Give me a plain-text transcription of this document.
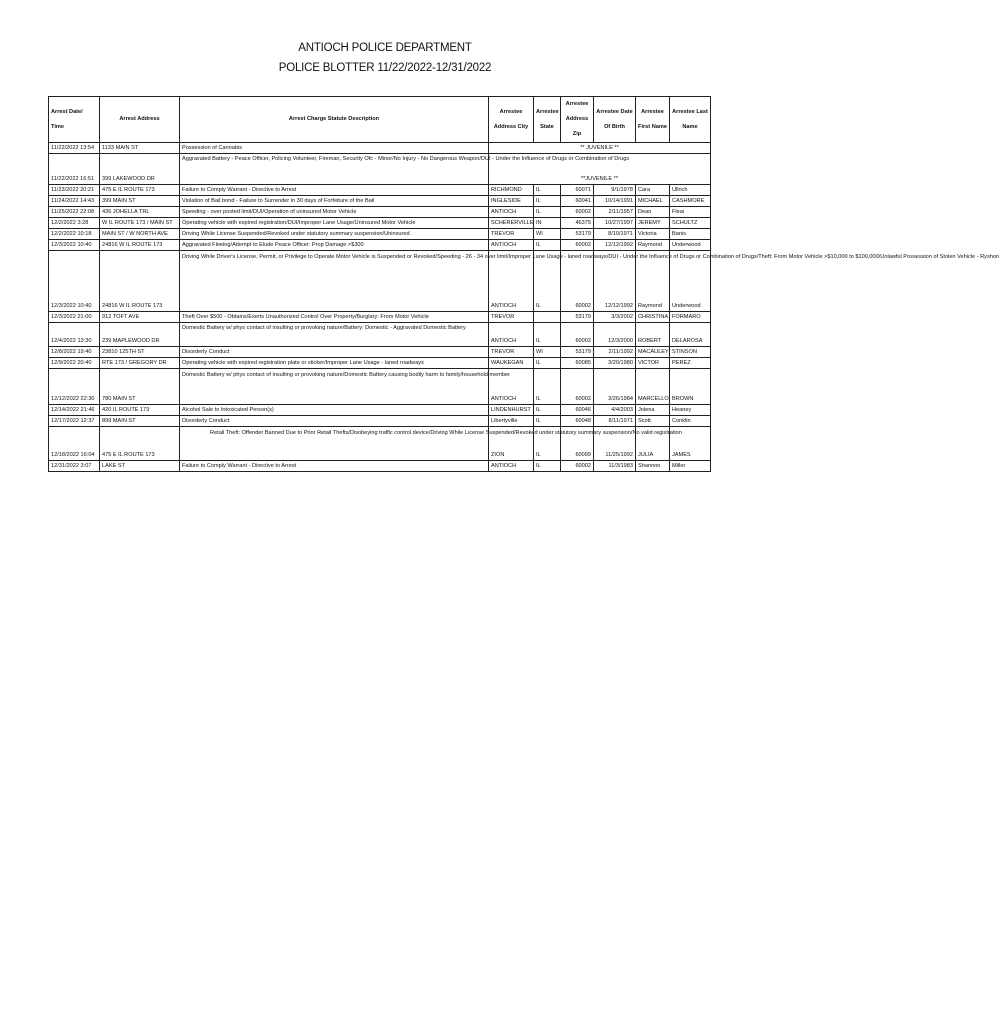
ANTIOCH POLICE DEPARTMENT
POLICE BLOTTER 11/22/2022-12/31/2022
Arrest Date/ Time	Arrest Address	Arrest Charge Statute Description	Arrestee Address City	Arrestee State	Arrestee Address Zip	Arrestee Date Of Birth	Arrestee First Name	Arrestee Last Name
11/22/2022 13:54	1133 MAIN ST	Possession of Cannabis	** JUVENILE **					
11/22/2022 16:51	399 LAKEWOOD DR	Aggravated Battery - Peace Officer, Policing Volunteer, Fireman, Security Ofc - Minor/No Injury - No Dangerous Weapon/DUI - Under the Influence of Drugs or Combination of Drugs	**JUVENILE **					
11/23/2022 20:21	475 E IL ROUTE 173	Failure to Comply Warrant - Directive to Arrest	RICHMOND	IL	60071	9/1/1978	Cara	Ullrich
11/24/2022 14:43	399 MAIN ST	Violation of Bail bond - Failure to Surrender in 30 days of Forfeiture of the Bail	INGLESIDE	IL	60041	10/14/1991	MICHAEL	CASHMORE
11/25/2022 22:08	436 JOHELLA TRL	Speeding - over posted limit/DUI/Operation of uninsured Motor Vehicle	ANTIOCH	IL	60002	2/11/1957	Dean	Fleai
12/2/2022 3:28	W IL ROUTE 173 / MAIN ST	Operating vehicle with expired registration/DUI/Improper Lane Usage/Uninsured Motor Vehicle	SCHERERVILLE	IN	46375	10/27/1997	JEREMY	SCHULTZ
12/2/2022 10:18	MAIN ST / W NORTH AVE	Driving While License Suspended/Revoked under statutory summary suspension/Uninsured	TREVOR	WI	53179	8/10/1971	Victoria	Banis
12/3/2022 10:40	24816 W IL ROUTE 173	Aggravated Fleeing/Attempt to Elude Peace Officer: Prop Damage >$300	ANTIOCH	IL	60002	12/12/1992	Raymond	Underwood
12/3/2022 10:40	24816 W IL ROUTE 173	Driving While Driver's License, Permit, or Privilege to Operate Motor Vehicle is Suspended or Revoked/Speeding - 26 - 34 over limit/Improper Lane Usage - laned roadways/DUI - Under the Influence of Drugs or Combination of Drugs/Theft: From Motor Vehicle >$10,000 to $100,000/Unlawful Possession of Stolen Vehicle - Ryshon	ANTIOCH	IL	60002	12/12/1992	Raymond	Underwood
12/3/2022 21:00	912 TOFT AVE	Theft Over $500 - Obtains/Exerts Unauthorized Control Over Property/Burglary: From Motor Vehicle	TREVOR		53179	3/3/2002	CHRISTINA	FORMARO
12/4/2022 13:30	239 MAPLEWOOD DR	Domestic Battery w/ phys contact of insulting or provoking nature/Battery: Domestic - Aggravated Domestic Battery	ANTIOCH	IL	60002	12/3/2000	ROBERT	DELAROSA
12/8/2022 19:40	23810 125TH ST	Disorderly Conduct	TREVOR	WI	53179	2/11/1992	MACAULEY	STINSON
12/9/2022 20:40	RTE 173 / GREGORY DR	Operating vehicle with expired registration plate or sticker/Improper Lane Usage - laned roadways	WAUKEGAN	IL	60085	3/20/1980	VICTOR	PEREZ
12/12/2022 22:30	780 MAIN ST	Domestic Battery w/ phys contact of insulting or provoking nature/Domestic Battery causing bodily harm to family/household member	ANTIOCH	IL	60002	3/26/1984	MARCELLO	BROWN
12/14/2022 21:46	420 IL ROUTE 173	Alcohol Sale to Intoxicated Person(s)	LINDENHURST	IL	60046	4/4/2003	Jolena	Heaney
12/17/2022 12:37	899 MAIN ST	Disorderly Conduct	Libertyville	IL	60048	8/11/1971	Scott	Conklin
12/18/2022 16:04	475 E IL ROUTE 173	Retail Theft: Offender Banned Due to Prior Retail Thefts/Disobeying traffic control device/Driving While License Suspended/Revoked under statutory summary suspension/No valid registration	ZION	IL	60099	11/25/1992	JULIA	JAMES
12/31/2022 3:07	LAKE ST	Failure to Comply Warrant - Directive to Arrest	ANTIOCH	IL	60002	11/3/1983	Shannon	Miller
